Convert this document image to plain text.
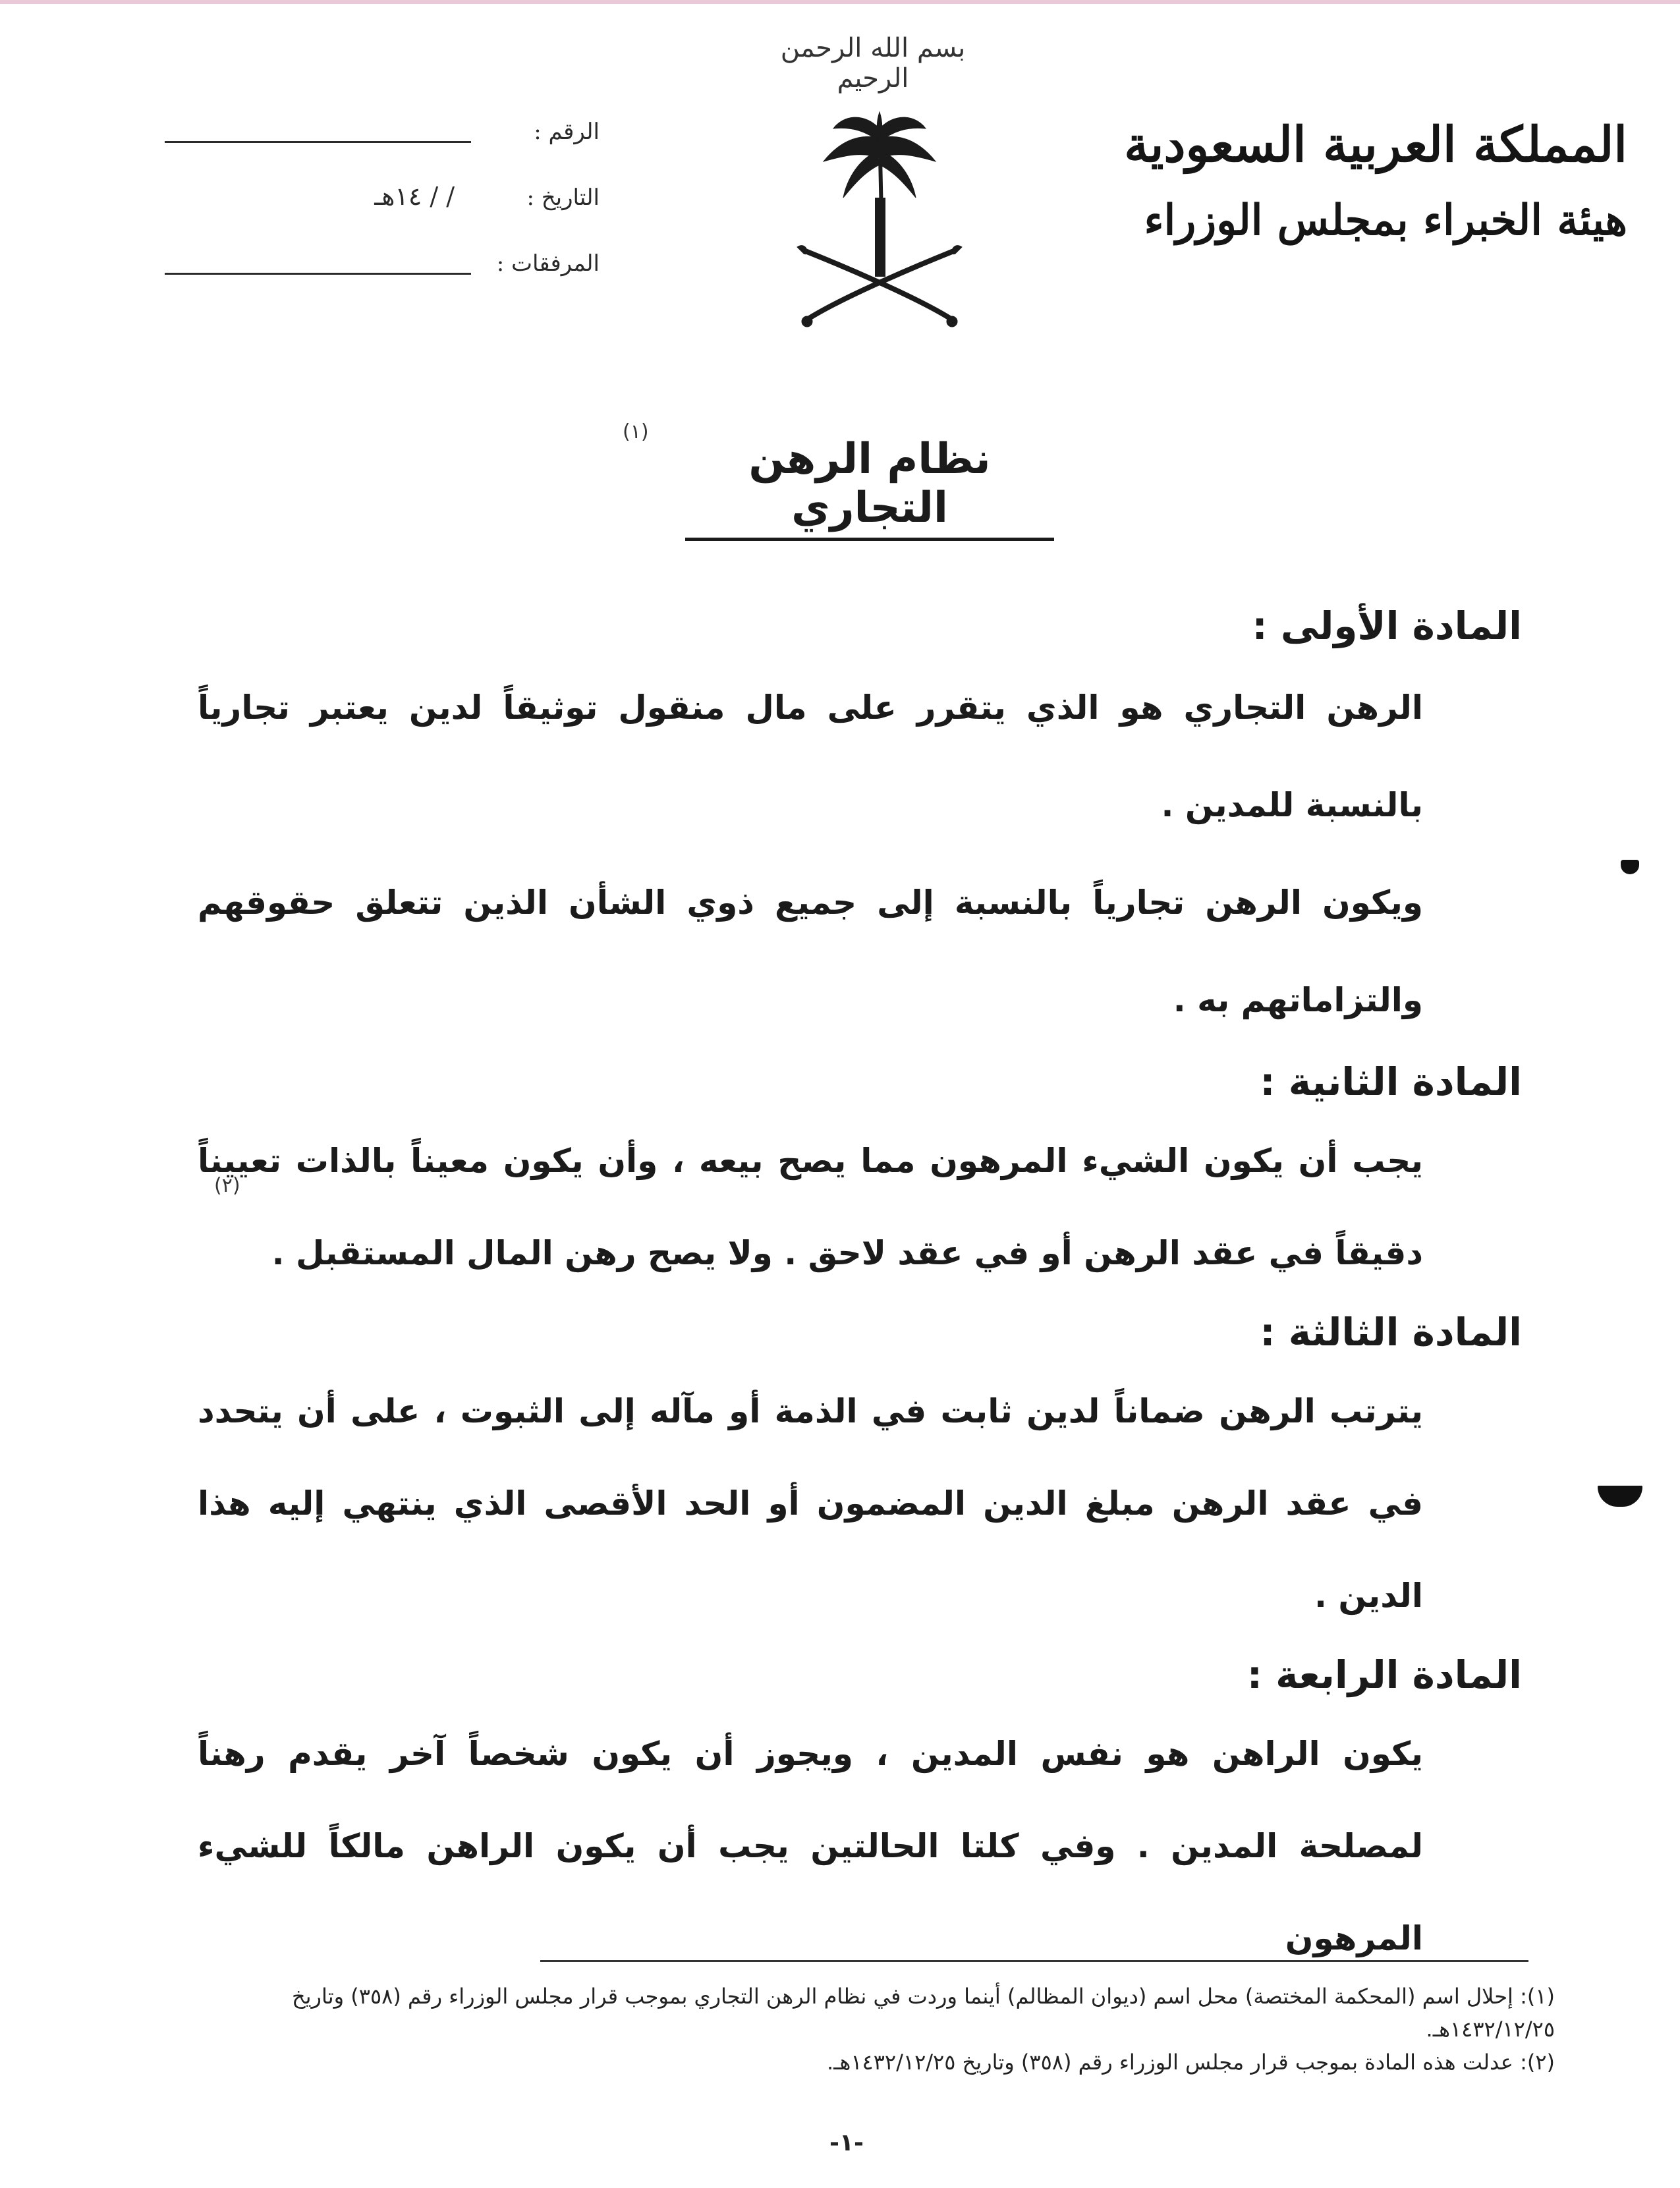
بسم الله الرحمن الرحيم
المملكة العربية السعودية
هيئة الخبراء بمجلس الوزراء
الرقم :
التاريخ :
/ / ١٤هـ
المرفقات :
(١)
نظام الرهن التجاري
المادة الأولى :
الرهن التجاري هو الذي يتقرر على مال منقول توثيقاً لدين يعتبر تجارياً بالنسبة للمدين .
ويكون الرهن تجارياً بالنسبة إلى جميع ذوي الشأن الذين تتعلق حقوقهم والتزاماتهم به .
المادة الثانية :
يجب أن يكون الشيء المرهون مما يصح بيعه ، وأن يكون معيناً بالذات تعييناً دقيقاً في عقد الرهن أو في عقد لاحق . ولا يصح رهن المال المستقبل .
(٢)
المادة الثالثة :
يترتب الرهن ضماناً لدين ثابت في الذمة أو مآله إلى الثبوت ، على أن يتحدد في عقد الرهن مبلغ الدين المضمون أو الحد الأقصى الذي ينتهي إليه هذا الدين .
المادة الرابعة :
يكون الراهن هو نفس المدين ، ويجوز أن يكون شخصاً آخر يقدم رهناً لمصلحة المدين . وفي كلتا الحالتين يجب أن يكون الراهن مالكاً للشيء المرهون
(١): إحلال اسم (المحكمة المختصة) محل اسم (ديوان المظالم) أينما وردت في نظام الرهن التجاري بموجب قرار مجلس الوزراء رقم (٣٥٨) وتاريخ ١٤٣٢/١٢/٢٥هـ.
(٢): عدلت هذه المادة بموجب قرار مجلس الوزراء رقم (٣٥٨) وتاريخ ١٤٣٢/١٢/٢٥هـ.
-١-
